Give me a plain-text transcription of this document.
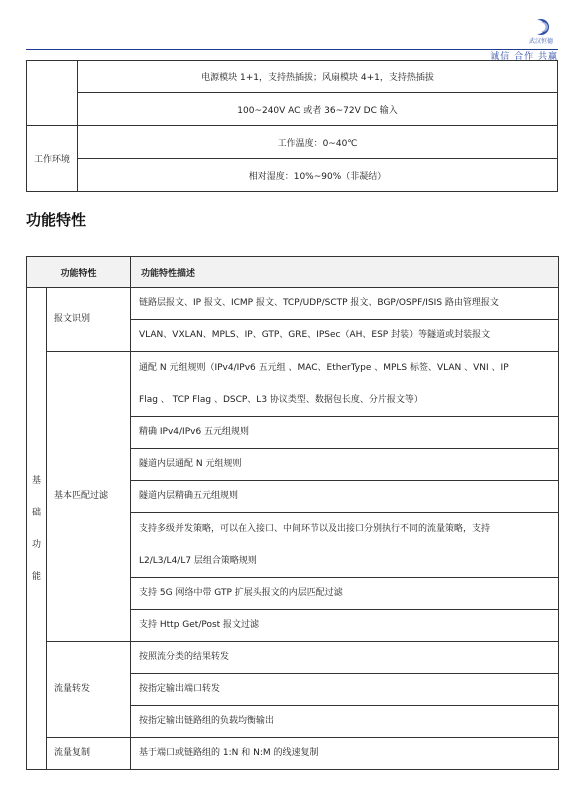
武汉恒德
诚信 合作 共赢
	电源模块 1+1，支持热插拔；风扇模块 4+1，支持热插拔
	100~240V AC 或者 36~72V DC 输入
工作环境	工作温度：0~40℃
	相对湿度：10%~90%（非凝结）
功能特性
功能特性		功能特性描述
基
础
功
能	报文识别	链路层报文、IP 报文、ICMP 报文、TCP/UDP/SCTP 报文、BGP/OSPF/ISIS 路由管理报文
		VLAN、VXLAN、MPLS、IP、GTP、GRE、IPSec（AH、ESP 封装）等隧道或封装报文
	基本匹配过滤	通配 N 元组规则（IPv4/IPv6 五元组 、MAC、EtherType 、MPLS 标签、VLAN 、VNI 、IP
Flag 、 TCP Flag 、DSCP、L3 协议类型、数据包长度、分片报文等）
		精确 IPv4/IPv6 五元组规则
		隧道内层通配 N 元组规则
		隧道内层精确五元组规则
		支持多级并发策略，可以在入接口、中间环节以及出接口分别执行不同的流量策略，支持
L2/L3/L4/L7 层组合策略规则
		支持 5G 网络中带 GTP 扩展头报文的内层匹配过滤
		支持 Http Get/Post 报文过滤
	流量转发	按照流分类的结果转发
		按指定输出端口转发
		按指定输出链路组的负载均衡输出
	流量复制	基于端口或链路组的 1:N 和 N:M 的线速复制
